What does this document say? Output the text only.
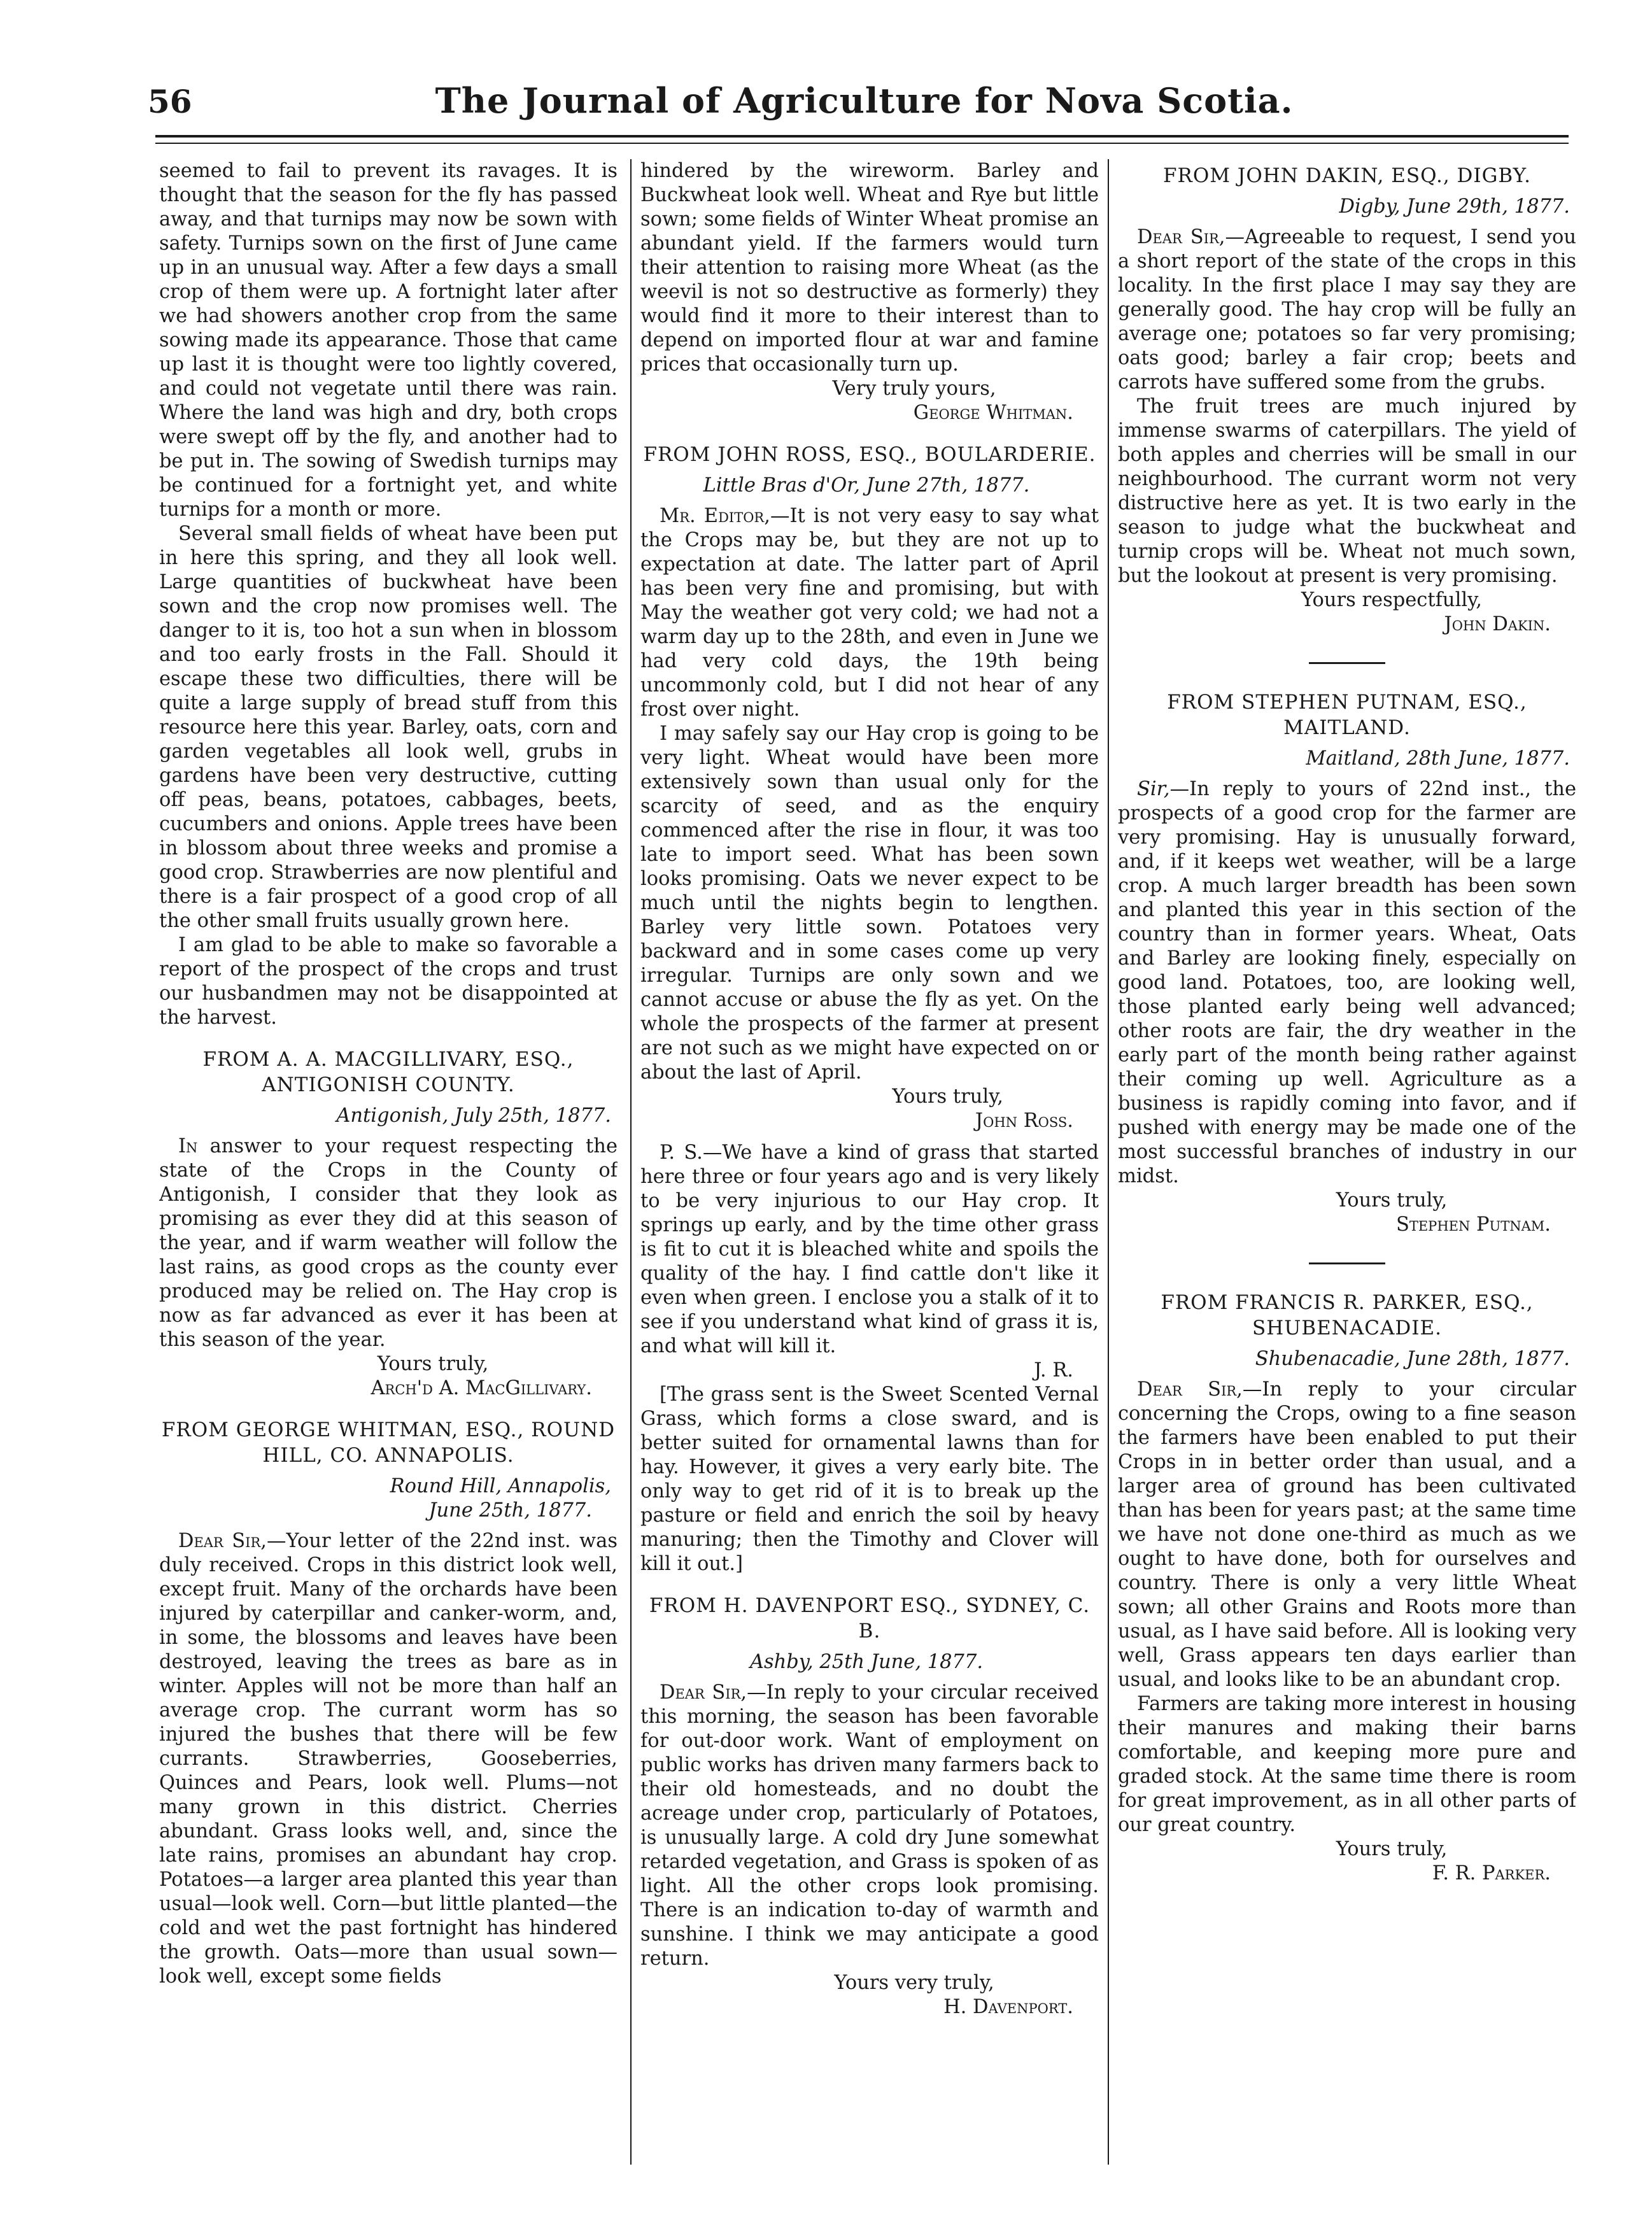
56	The Journal of Agriculture for Nova Scotia.

seemed to fail to prevent its ravages. It is thought that the season for the fly has passed away, and that turnips may now be sown with safety. Turnips sown on the first of June came up in an unusual way. After a few days a small crop of them were up. A fortnight later after we had showers another crop from the same sowing made its appearance. Those that came up last it is thought were too lightly covered, and could not vegetate until there was rain. Where the land was high and dry, both crops were swept off by the fly, and another had to be put in. The sowing of Swedish turnips may be continued for a fortnight yet, and white turnips for a month or more.

Several small fields of wheat have been put in here this spring, and they all look well. Large quantities of buckwheat have been sown and the crop now promises well. The danger to it is, too hot a sun when in blossom and too early frosts in the Fall. Should it escape these two difficulties, there will be quite a large supply of bread stuff from this resource here this year. Barley, oats, corn and garden vegetables all look well, grubs in gardens have been very destructive, cutting off peas, beans, potatoes, cabbages, beets, cucumbers and onions. Apple trees have been in blossom about three weeks and promise a good crop. Strawberries are now plentiful and there is a fair prospect of a good crop of all the other small fruits usually grown here.

I am glad to be able to make so favorable a report of the prospect of the crops and trust our husbandmen may not be disappointed at the harvest.

FROM A. A. MACGILLIVARY, ESQ., ANTIGONISH COUNTY.
Antigonish, July 25th, 1877.

In answer to your request respecting the state of the Crops in the County of Antigonish, I consider that they look as promising as ever they did at this season of the year, and if warm weather will follow the last rains, as good crops as the county ever produced may be relied on. The Hay crop is now as far advanced as ever it has been at this season of the year.

Yours truly,
Arch'd A. MacGillivary.
FROM GEORGE WHITMAN, ESQ., ROUND HILL, CO. ANNAPOLIS.
Round Hill, Annapolis,
June 25th, 1877.

Dear Sir,—Your letter of the 22nd inst. was duly received. Crops in this district look well, except fruit. Many of the orchards have been injured by caterpillar and canker-worm, and, in some, the blossoms and leaves have been destroyed, leaving the trees as bare as in winter. Apples will not be more than half an average crop. The currant worm has so injured the bushes that there will be few currants. Strawberries, Gooseberries, Quinces and Pears, look well. Plums—not many grown in this district. Cherries abundant. Grass looks well, and, since the late rains, promises an abundant hay crop. Potatoes—a larger area planted this year than usual—look well. Corn—but little planted—the cold and wet the past fortnight has hindered the growth. Oats—more than usual sown—look well, except some fields

hindered by the wireworm. Barley and Buckwheat look well. Wheat and Rye but little sown; some fields of Winter Wheat promise an abundant yield. If the farmers would turn their attention to raising more Wheat (as the weevil is not so destructive as formerly) they would find it more to their interest than to depend on imported flour at war and famine prices that occasionally turn up.

Very truly yours,
George Whitman.
FROM JOHN ROSS, ESQ., BOULARDERIE.
Little Bras d'Or, June 27th, 1877.

Mr. Editor,—It is not very easy to say what the Crops may be, but they are not up to expectation at date. The latter part of April has been very fine and promising, but with May the weather got very cold; we had not a warm day up to the 28th, and even in June we had very cold days, the 19th being uncommonly cold, but I did not hear of any frost over night.

I may safely say our Hay crop is going to be very light. Wheat would have been more extensively sown than usual only for the scarcity of seed, and as the enquiry commenced after the rise in flour, it was too late to import seed. What has been sown looks promising. Oats we never expect to be much until the nights begin to lengthen. Barley very little sown. Potatoes very backward and in some cases come up very irregular. Turnips are only sown and we cannot accuse or abuse the fly as yet. On the whole the prospects of the farmer at present are not such as we might have expected on or about the last of April.

Yours truly,
John Ross.

P. S.—We have a kind of grass that started here three or four years ago and is very likely to be very injurious to our Hay crop. It springs up early, and by the time other grass is fit to cut it is bleached white and spoils the quality of the hay. I find cattle don't like it even when green. I enclose you a stalk of it to see if you understand what kind of grass it is, and what will kill it.

J. R.

[The grass sent is the Sweet Scented Vernal Grass, which forms a close sward, and is better suited for ornamental lawns than for hay. However, it gives a very early bite. The only way to get rid of it is to break up the pasture or field and enrich the soil by heavy manuring; then the Timothy and Clover will kill it out.]

FROM H. DAVENPORT ESQ., SYDNEY, C. B.
Ashby, 25th June, 1877.

Dear Sir,—In reply to your circular received this morning, the season has been favorable for out-door work. Want of employment on public works has driven many farmers back to their old homesteads, and no doubt the acreage under crop, particularly of Potatoes, is unusually large. A cold dry June somewhat retarded vegetation, and Grass is spoken of as light. All the other crops look promising. There is an indication to-day of warmth and sunshine. I think we may anticipate a good return.

Yours very truly,
H. Davenport.
FROM JOHN DAKIN, ESQ., DIGBY.
Digby, June 29th, 1877.

Dear Sir,—Agreeable to request, I send you a short report of the state of the crops in this locality. In the first place I may say they are generally good. The hay crop will be fully an average one; potatoes so far very promising; oats good; barley a fair crop; beets and carrots have suffered some from the grubs.

The fruit trees are much injured by immense swarms of caterpillars. The yield of both apples and cherries will be small in our neighbourhood. The currant worm not very distructive here as yet. It is two early in the season to judge what the buckwheat and turnip crops will be. Wheat not much sown, but the lookout at present is very promising.

Yours respectfully,
John Dakin.
FROM STEPHEN PUTNAM, ESQ., MAITLAND.
Maitland, 28th June, 1877.

Sir,—In reply to yours of 22nd inst., the prospects of a good crop for the farmer are very promising. Hay is unusually forward, and, if it keeps wet weather, will be a large crop. A much larger breadth has been sown and planted this year in this section of the country than in former years. Wheat, Oats and Barley are looking finely, especially on good land. Potatoes, too, are looking well, those planted early being well advanced; other roots are fair, the dry weather in the early part of the month being rather against their coming up well. Agriculture as a business is rapidly coming into favor, and if pushed with energy may be made one of the most successful branches of industry in our midst.

Yours truly,
Stephen Putnam.
FROM FRANCIS R. PARKER, ESQ., SHUBENACADIE.
Shubenacadie, June 28th, 1877.

Dear Sir,—In reply to your circular concerning the Crops, owing to a fine season the farmers have been enabled to put their Crops in in better order than usual, and a larger area of ground has been cultivated than has been for years past; at the same time we have not done one-third as much as we ought to have done, both for ourselves and country. There is only a very little Wheat sown; all other Grains and Roots more than usual, as I have said before. All is looking very well, Grass appears ten days earlier than usual, and looks like to be an abundant crop.

Farmers are taking more interest in housing their manures and making their barns comfortable, and keeping more pure and graded stock. At the same time there is room for great improvement, as in all other parts of our great country.

Yours truly,
F. R. Parker.
